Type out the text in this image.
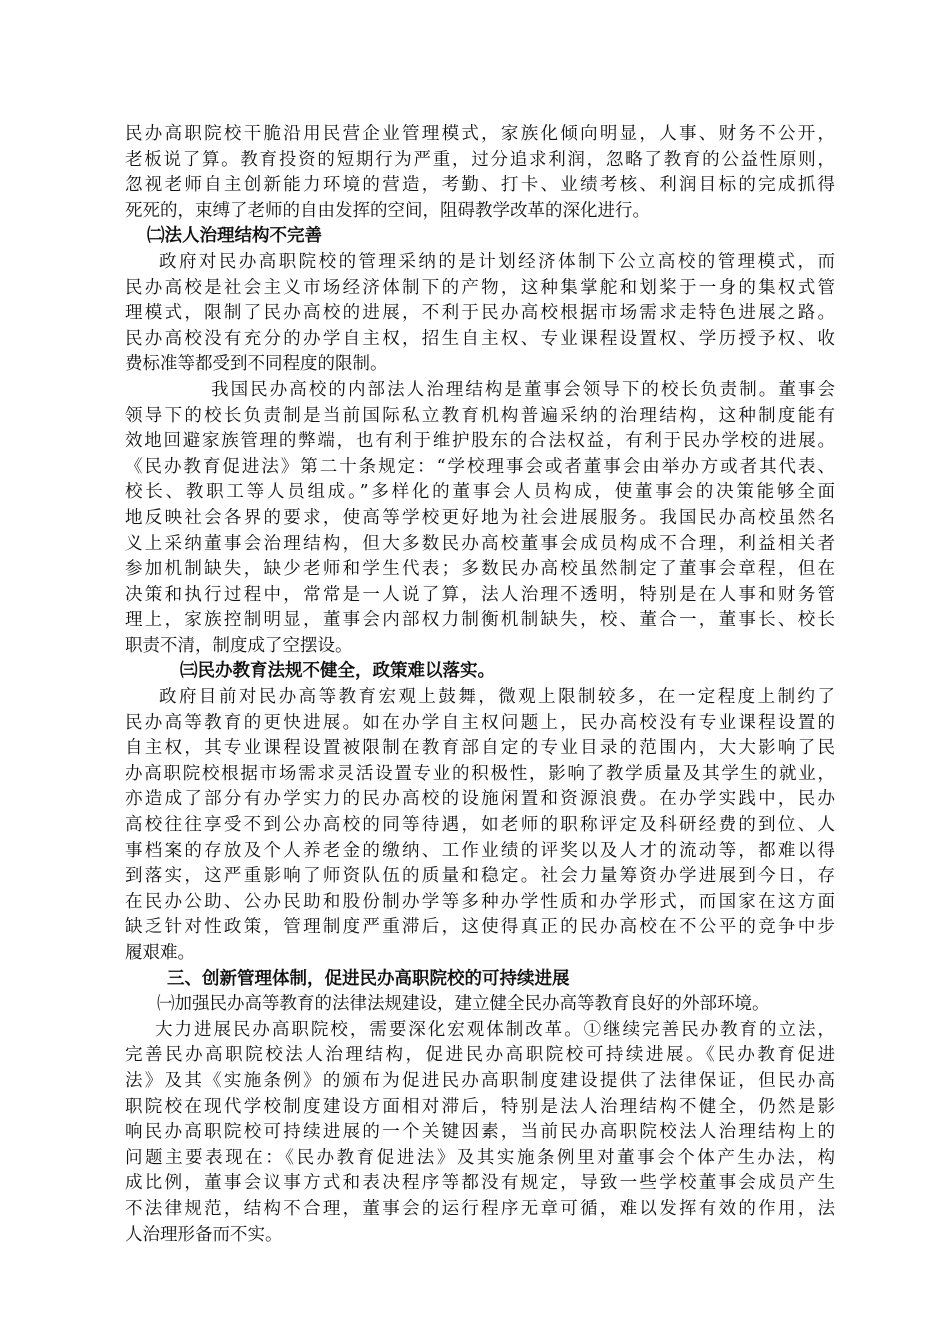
民办高职院校干脆沿用民营企业管理模式，家族化倾向明显，人事、财务不公开，
老板说了算。教育投资的短期行为严重，过分追求利润，忽略了教育的公益性原则，
忽视老师自主创新能力环境的营造，考勤、打卡、业绩考核、利润目标的完成抓得
死死的，束缚了老师的自由发挥的空间，阻碍教学改革的深化进行。
㈡法人治理结构不完善
政府对民办高职院校的管理采纳的是计划经济体制下公立高校的管理模式，而
民办高校是社会主义市场经济体制下的产物，这种集掌舵和划桨于一身的集权式管
理模式，限制了民办高校的进展，不利于民办高校根据市场需求走特色进展之路。
民办高校没有充分的办学自主权，招生自主权、专业课程设置权、学历授予权、收
费标准等都受到不同程度的限制。
我国民办高校的内部法人治理结构是董事会领导下的校长负责制。董事会
领导下的校长负责制是当前国际私立教育机构普遍采纳的治理结构，这种制度能有
效地回避家族管理的弊端，也有利于维护股东的合法权益，有利于民办学校的进展。
《民办教育促进法》第二十条规定：“学校理事会或者董事会由举办方或者其代表、
校长、教职工等人员组成。”多样化的董事会人员构成，使董事会的决策能够全面
地反映社会各界的要求，使高等学校更好地为社会进展服务。我国民办高校虽然名
义上采纳董事会治理结构，但大多数民办高校董事会成员构成不合理，利益相关者
参加机制缺失，缺少老师和学生代表；多数民办高校虽然制定了董事会章程，但在
决策和执行过程中，常常是一人说了算，法人治理不透明，特别是在人事和财务管
理上，家族控制明显，董事会内部权力制衡机制缺失，校、董合一，董事长、校长
职责不清，制度成了空摆设。
㈢民办教育法规不健全，政策难以落实。
政府目前对民办高等教育宏观上鼓舞，微观上限制较多，在一定程度上制约了
民办高等教育的更快进展。如在办学自主权问题上，民办高校没有专业课程设置的
自主权，其专业课程设置被限制在教育部自定的专业目录的范围内，大大影响了民
办高职院校根据市场需求灵活设置专业的积极性，影响了教学质量及其学生的就业，
亦造成了部分有办学实力的民办高校的设施闲置和资源浪费。在办学实践中，民办
高校往往享受不到公办高校的同等待遇，如老师的职称评定及科研经费的到位、人
事档案的存放及个人养老金的缴纳、工作业绩的评奖以及人才的流动等，都难以得
到落实，这严重影响了师资队伍的质量和稳定。社会力量筹资办学进展到今日，存
在民办公助、公办民助和股份制办学等多种办学性质和办学形式，而国家在这方面
缺乏针对性政策，管理制度严重滞后，这使得真正的民办高校在不公平的竞争中步
履艰难。
三、创新管理体制，促进民办高职院校的可持续进展
㈠加强民办高等教育的法律法规建设，建立健全民办高等教育良好的外部环境。
大力进展民办高职院校，需要深化宏观体制改革。①继续完善民办教育的立法，
完善民办高职院校法人治理结构，促进民办高职院校可持续进展。《民办教育促进
法》及其《实施条例》的颁布为促进民办高职制度建设提供了法律保证，但民办高
职院校在现代学校制度建设方面相对滞后，特别是法人治理结构不健全，仍然是影
响民办高职院校可持续进展的一个关键因素，当前民办高职院校法人治理结构上的
问题主要表现在：《民办教育促进法》及其实施条例里对董事会个体产生办法，构
成比例，董事会议事方式和表决程序等都没有规定，导致一些学校董事会成员产生
不法律规范，结构不合理，董事会的运行程序无章可循，难以发挥有效的作用，法
人治理形备而不实。
